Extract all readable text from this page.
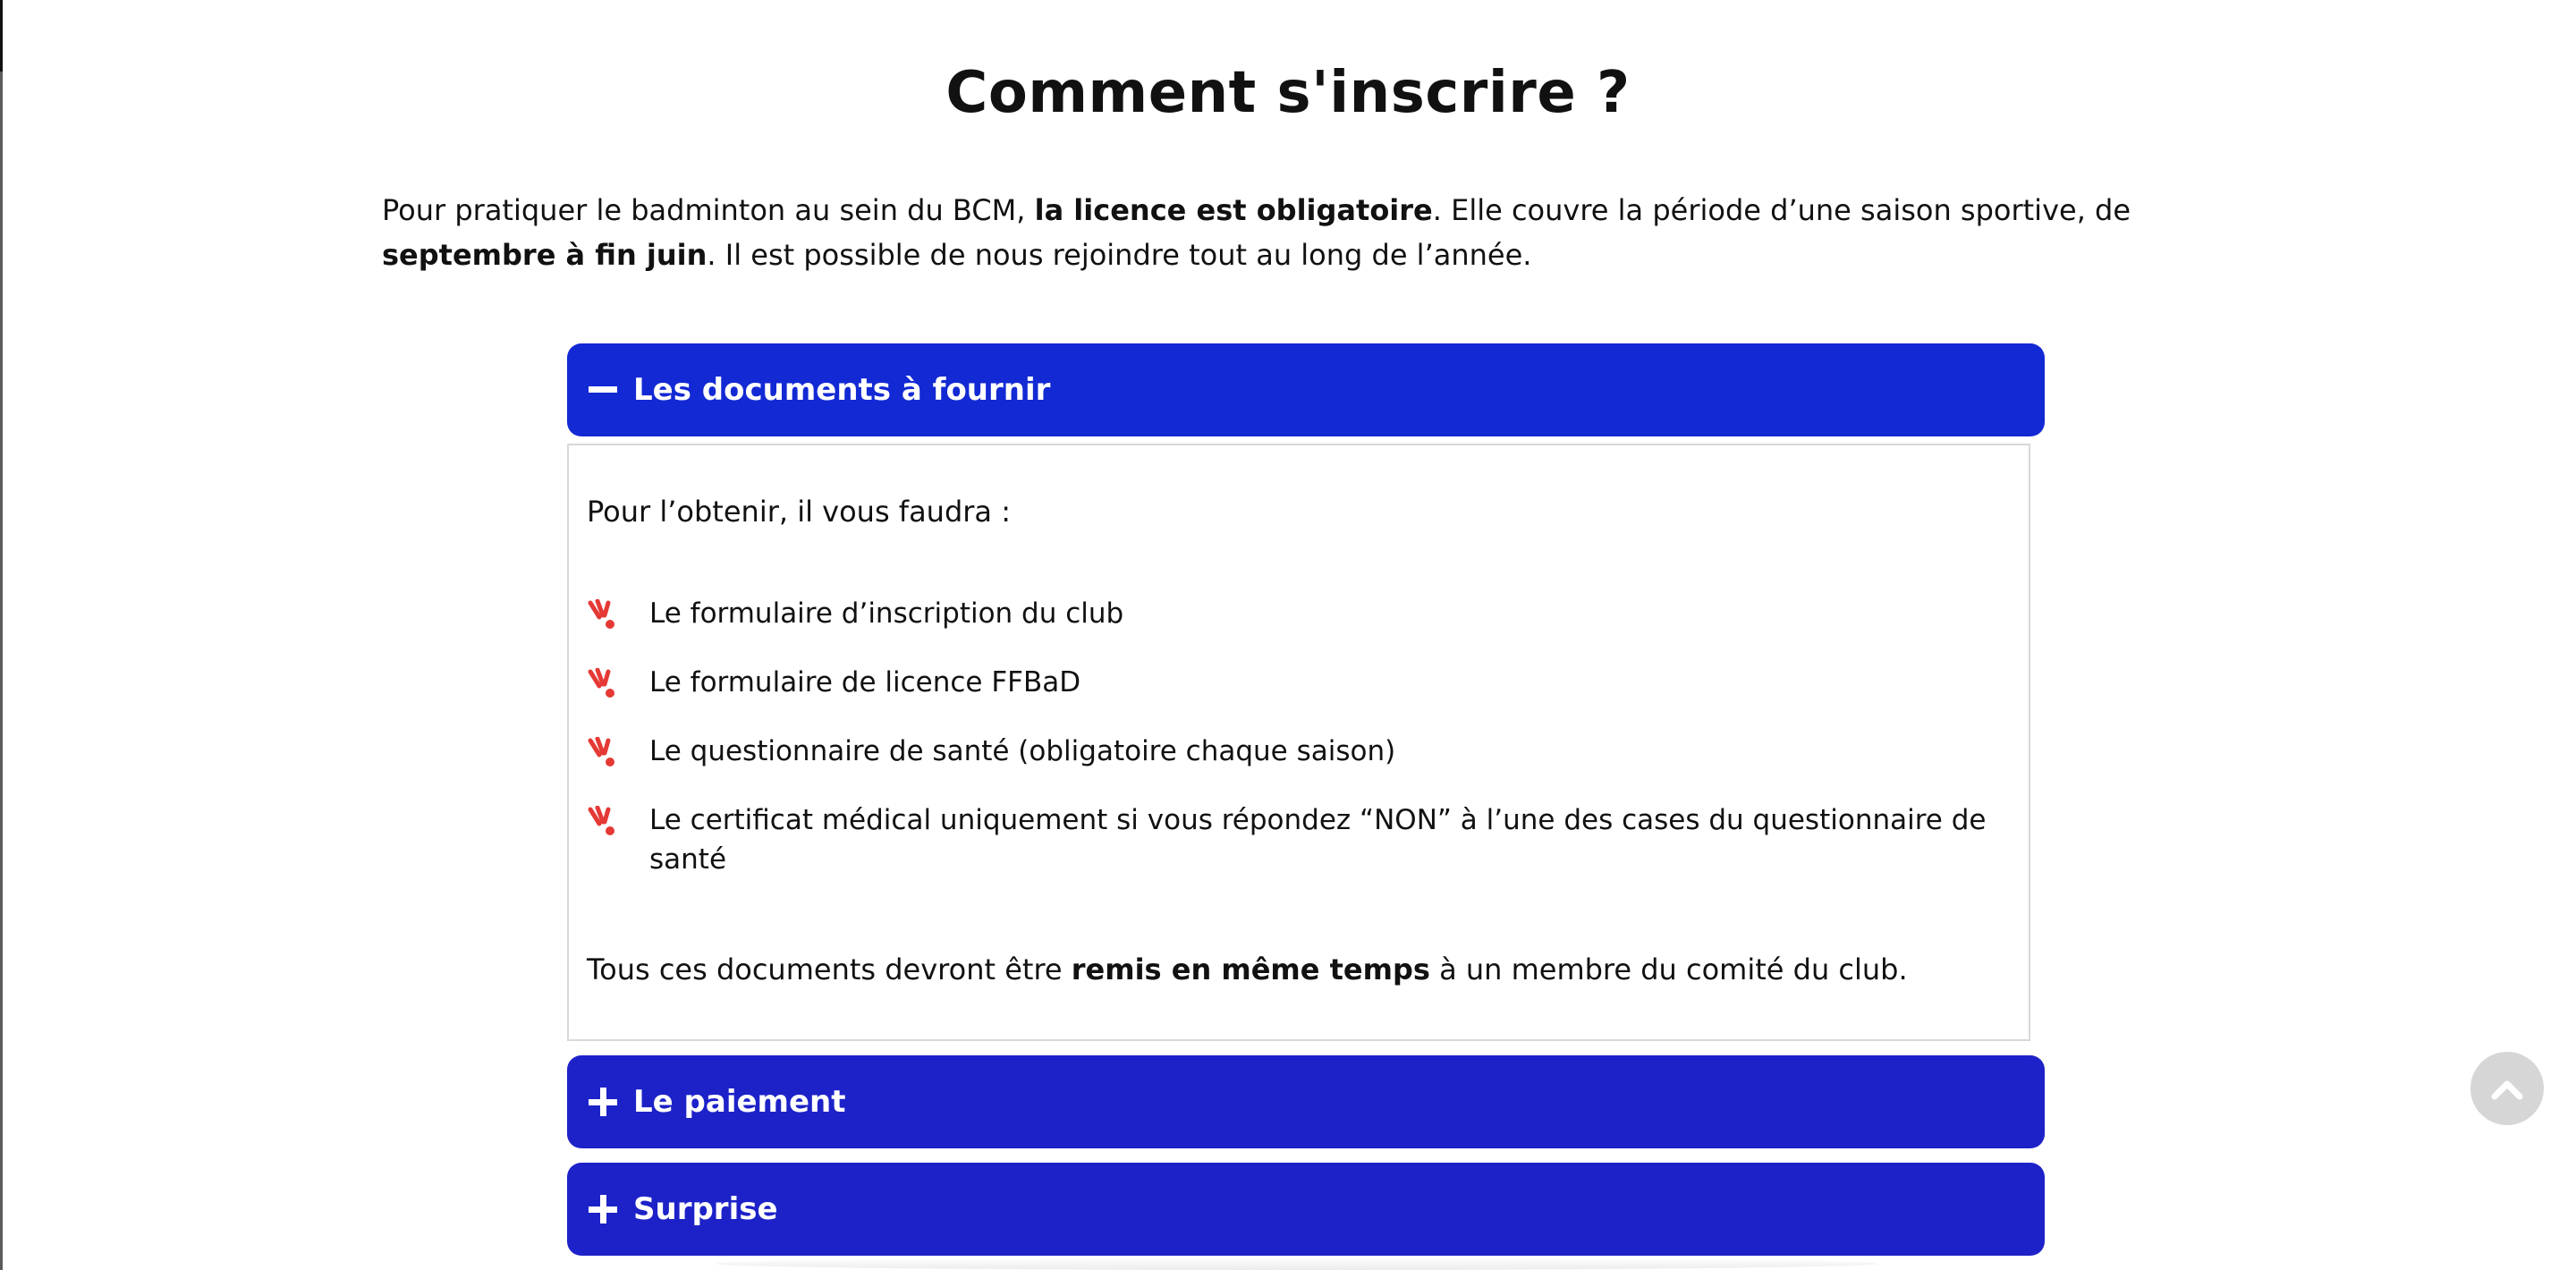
Comment s'inscrire ?

Pour pratiquer le badminton au sein du BCM, la licence est obligatoire. Elle couvre la période d’une saison sportive, de septembre à fin juin. Il est possible de nous rejoindre tout au long de l’année.

Les documents à fournir
Pour l’obtenir, il vous faudra :
Le formulaire d’inscription du club
Le formulaire de licence FFBaD
Le questionnaire de santé (obligatoire chaque saison)
Le certificat médical uniquement si vous répondez “NON” à l’une des cases du questionnaire de santé
Tous ces documents devront être remis en même temps à un membre du comité du club.
Le paiement
Surprise
